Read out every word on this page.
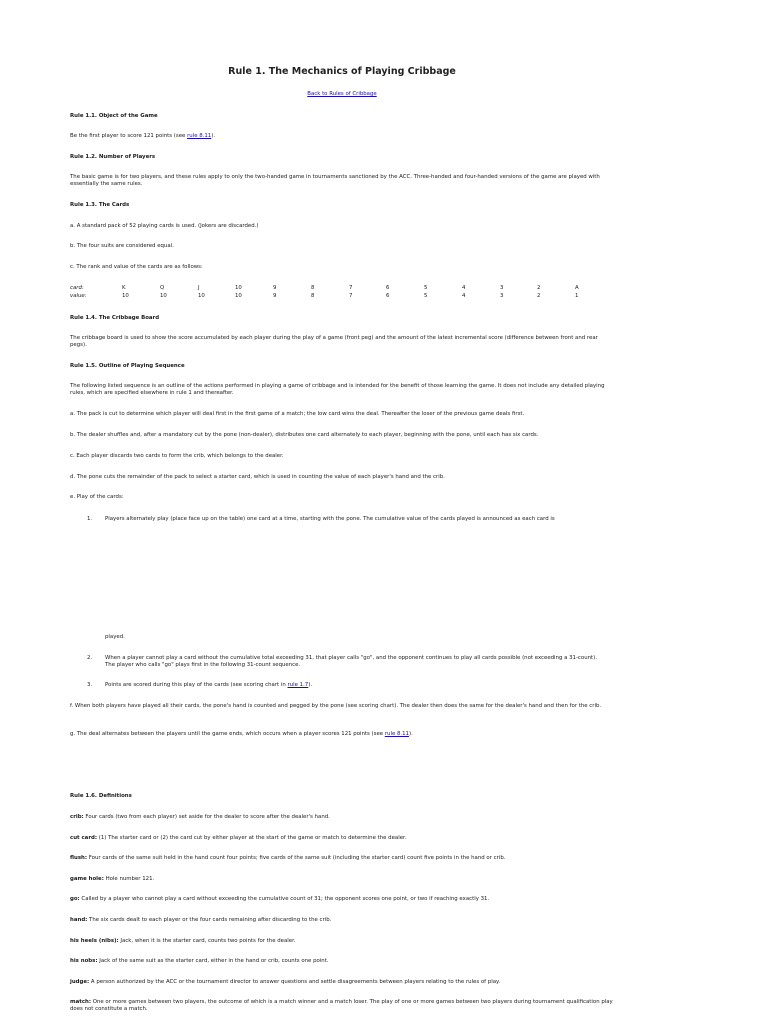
Rule 1. The Mechanics of Playing Cribbage
Back to Rules of Cribbage
Rule 1.1. Object of the Game
Be the first player to score 121 points (see rule 8.11).
Rule 1.2. Number of Players
The basic game is for two players, and these rules apply to only the two-handed game in tournaments sanctioned by the ACC. Three-handed and four-handed versions of the game are played with essentially the same rules.
Rule 1.3. The Cards
a. A standard pack of 52 playing cards is used. (Jokers are discarded.)
b. The four suits are considered equal.
c. The rank and value of the cards are as follows:
card:	K	Q	J	10	9	8	7	6	5	4	3	2	A
value:	10	10	10	10	9	8	7	6	5	4	3	2	1
Rule 1.4. The Cribbage Board
The cribbage board is used to show the score accumulated by each player during the play of a game (front peg) and the amount of the latest incremental score (difference between front and rear pegs).
Rule 1.5. Outline of Playing Sequence
The following listed sequence is an outline of the actions performed in playing a game of cribbage and is intended for the benefit of those learning the game. It does not include any detailed playing rules, which are specified elsewhere in rule 1 and thereafter.
a. The pack is cut to determine which player will deal first in the first game of a match; the low card wins the deal. Thereafter the loser of the previous game deals first.
b. The dealer shuffles and, after a mandatory cut by the pone (non-dealer), distributes one card alternately to each player, beginning with the pone, until each has six cards.
c. Each player discards two cards to form the crib, which belongs to the dealer.
d. The pone cuts the remainder of the pack to select a starter card, which is used in counting the value of each player's hand and the crib.
e. Play of the cards:
1. Players alternately play (place face up on the table) one card at a time, starting with the pone. The cumulative value of the cards played is announced as each card is
played.
2. When a player cannot play a card without the cumulative total exceeding 31, that player calls "go", and the opponent continues to play all cards possible (not exceeding a 31-count). The player who calls "go" plays first in the following 31-count sequence.
3. Points are scored during this play of the cards (see scoring chart in rule 1.7).
f. When both players have played all their cards, the pone's hand is counted and pegged by the pone (see scoring chart). The dealer then does the same for the dealer's hand and then for the crib.
g. The deal alternates between the players until the game ends, which occurs when a player scores 121 points (see rule 8.11).
Rule 1.6. Definitions
crib: Four cards (two from each player) set aside for the dealer to score after the dealer's hand.
cut card: (1) The starter card or (2) the card cut by either player at the start of the game or match to determine the dealer.
flush: Four cards of the same suit held in the hand count four points; five cards of the same suit (including the starter card) count five points in the hand or crib.
game hole: Hole number 121.
go: Called by a player who cannot play a card without exceeding the cumulative count of 31; the opponent scores one point, or two if reaching exactly 31.
hand: The six cards dealt to each player or the four cards remaining after discarding to the crib.
his heels (nibs): Jack, when it is the starter card, counts two points for the dealer.
his nobs: Jack of the same suit as the starter card, either in the hand or crib, counts one point.
judge: A person authorized by the ACC or the tournament director to answer questions and settle disagreements between players relating to the rules of play.
match: One or more games between two players, the outcome of which is a match winner and a match loser. The play of one or more games between two players during tournament qualification play does not constitute a match.
